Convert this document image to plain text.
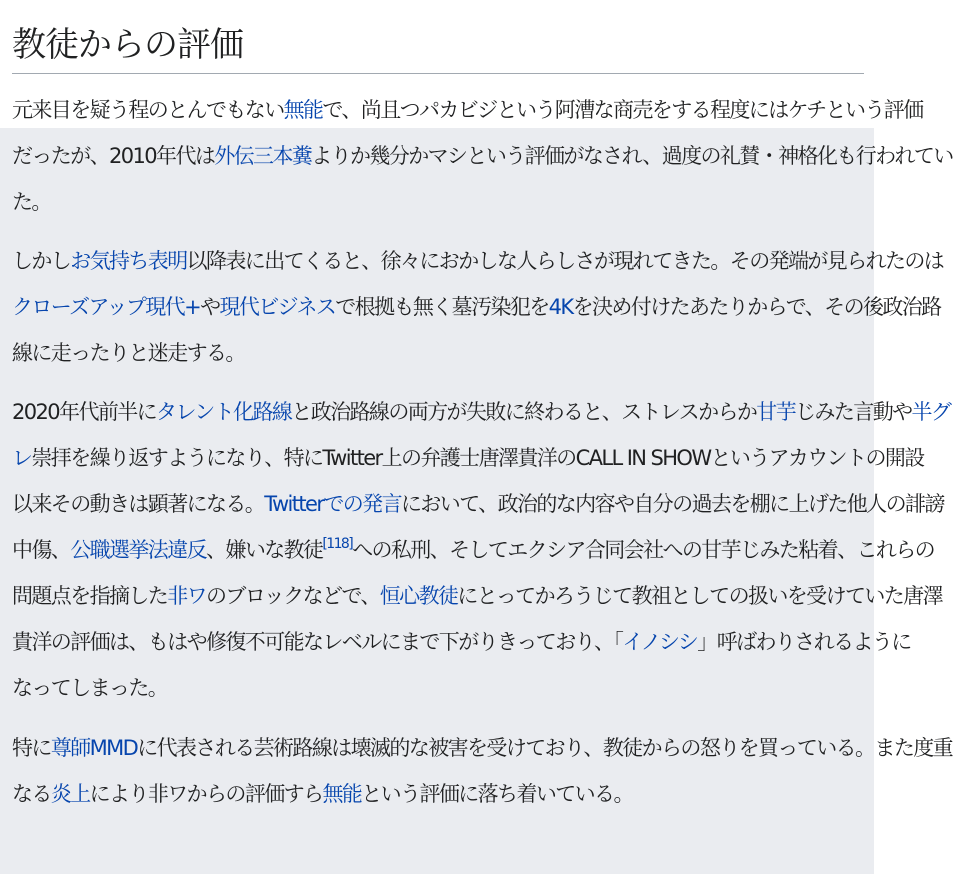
教徒からの評価

元来目を疑う程のとんでもない無能で、尚且つパカビジという阿漕な商売をする程度にはケチという評価
だったが、2010年代は外伝三本糞よりか幾分かマシという評価がなされ、過度の礼賛・神格化も行われてい
た。

しかしお気持ち表明以降表に出てくると、徐々におかしな人らしさが現れてきた。その発端が見られたのは
クローズアップ現代+や現代ビジネスで根拠も無く墓汚染犯を4Kを決め付けたあたりからで、その後政治路
線に走ったりと迷走する。

2020年代前半にタレント化路線と政治路線の両方が失敗に終わると、ストレスからか甘芋じみた言動や半グ
レ崇拝を繰り返すようになり、特にTwitter上の弁護士唐澤貴洋のCALL IN SHOWというアカウントの開設
以来その動きは顕著になる。Twitterでの発言において、政治的な内容や自分の過去を棚に上げた他人の誹謗
中傷、公職選挙法違反、嫌いな教徒[118]への私刑、そしてエクシア合同会社への甘芋じみた粘着、これらの
問題点を指摘した非ワのブロックなどで、恒心教徒にとってかろうじて教祖としての扱いを受けていた唐澤
貴洋の評価は、もはや修復不可能なレベルにまで下がりきっており、「イノシシ」呼ばわりされるように
なってしまった。

特に尊師MMDに代表される芸術路線は壊滅的な被害を受けており、教徒からの怒りを買っている。また度重
なる炎上により非ワからの評価すら無能という評価に落ち着いている。
